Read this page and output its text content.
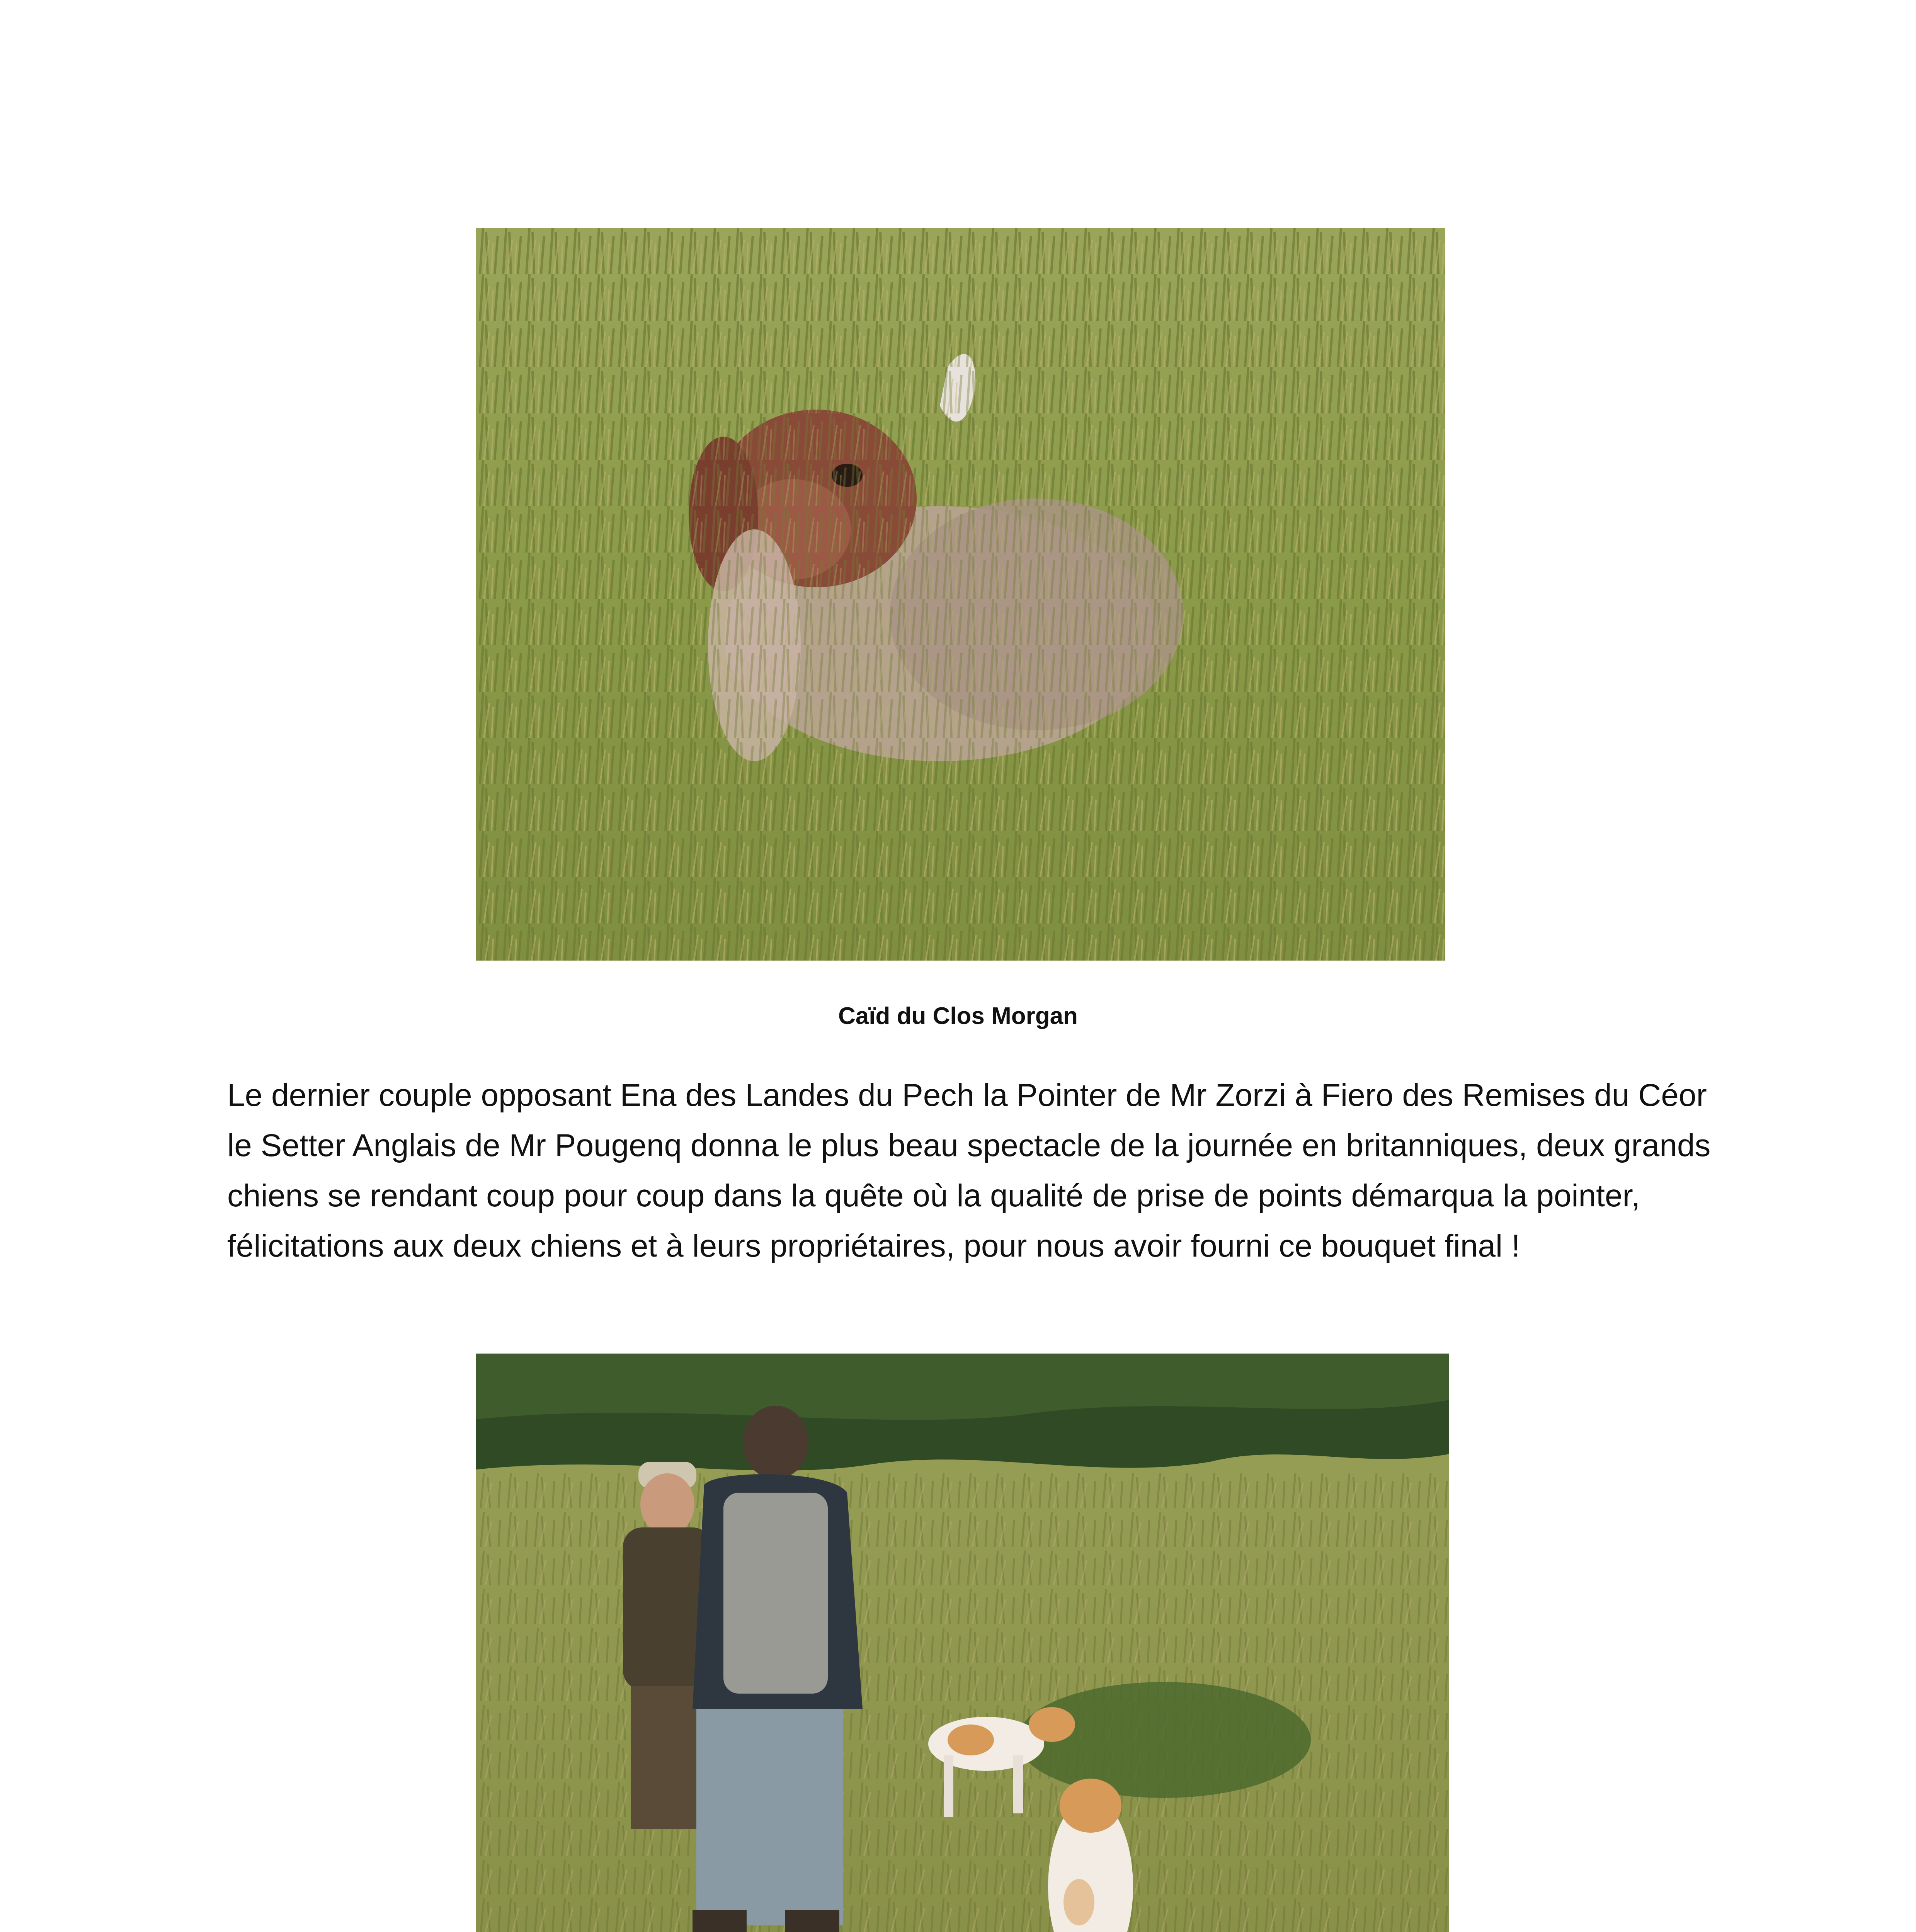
Caïd du Clos Morgan

Le dernier couple opposant Ena des Landes du Pech la Pointer de Mr Zorzi à Fiero des Remises du Céor le Setter Anglais de Mr Pougenq donna le plus beau spectacle de la journée en britanniques, deux grands chiens se rendant coup pour coup dans la quête où la qualité de prise de points démarqua la pointer, félicitations aux deux chiens et à leurs propriétaires, pour nous avoir fourni ce bouquet final !
